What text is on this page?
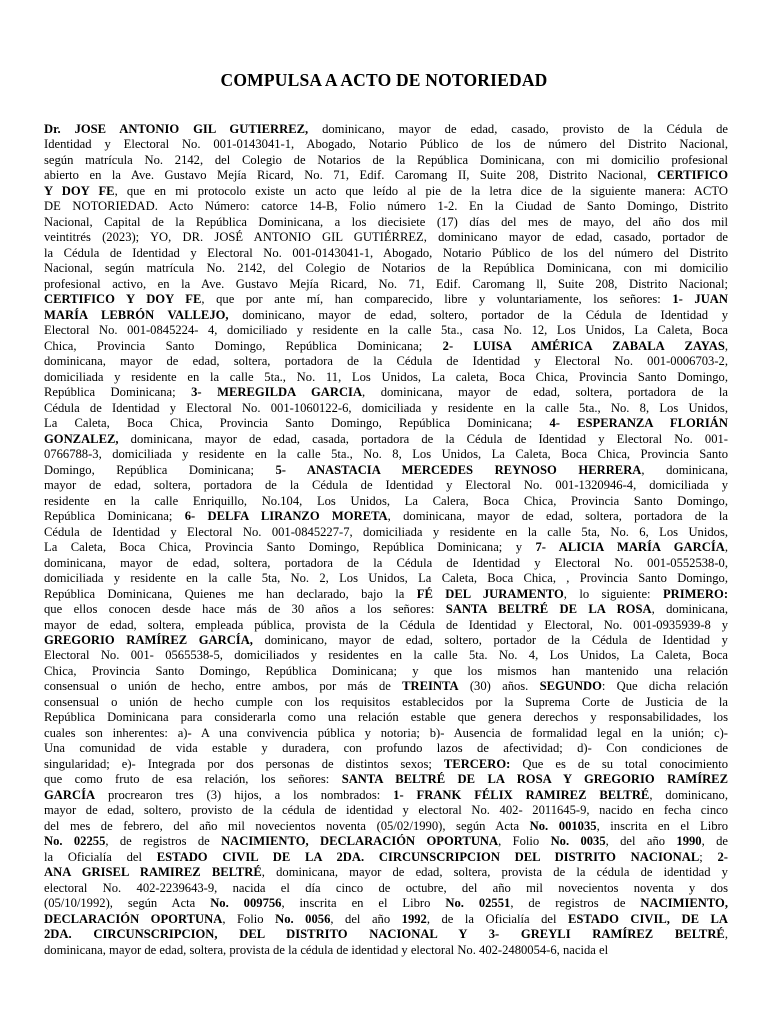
COMPULSA A ACTO DE NOTORIEDAD
Dr. JOSE ANTONIO GIL GUTIERREZ, dominicano, mayor de edad, casado, provisto de la Cédula de
Identidad y Electoral No. 001-0143041-1, Abogado, Notario Público de los de número del Distrito Nacional,
según matrícula No. 2142, del Colegio de Notarios de la República Dominicana, con mi domicilio profesional
abierto en la Ave. Gustavo Mejía Ricard, No. 71, Edif. Caromang II, Suite 208, Distrito Nacional, CERTIFICO
Y DOY FE, que en mi protocolo existe un acto que leído al pie de la letra dice de la siguiente manera: ACTO
DE NOTORIEDAD. Acto Número: catorce 14-B, Folio número 1-2. En la Ciudad de Santo Domingo, Distrito
Nacional, Capital de la República Dominicana, a los diecisiete (17) días del mes de mayo, del año dos mil
veintitrés (2023); YO, DR. JOSÉ ANTONIO GIL GUTIÉRREZ, dominicano mayor de edad, casado, portador de
la Cédula de Identidad y Electoral No. 001-0143041-1, Abogado, Notario Público de los del número del Distrito
Nacional, según matrícula No. 2142, del Colegio de Notarios de la República Dominicana, con mi domicilio
profesional activo, en la Ave. Gustavo Mejía Ricard, No. 71, Edif. Caromang ll, Suite 208, Distrito Nacional;
CERTIFICO Y DOY FE, que por ante mí, han comparecido, libre y voluntariamente, los señores: 1- JUAN
MARÍA LEBRÓN VALLEJO, dominicano, mayor de edad, soltero, portador de la Cédula de Identidad y
Electoral No. 001-0845224- 4, domiciliado y residente en la calle 5ta., casa No. 12, Los Unidos, La Caleta, Boca
Chica, Provincia Santo Domingo, República Dominicana; 2- LUISA AMÉRICA ZABALA ZAYAS,
dominicana, mayor de edad, soltera, portadora de la Cédula de Identidad y Electoral No. 001-0006703-2,
domiciliada y residente en la calle 5ta., No. 11, Los Unidos, La caleta, Boca Chica, Provincia Santo Domingo,
República Dominicana; 3- MEREGILDA GARCIA, dominicana, mayor de edad, soltera, portadora de la
Cédula de Identidad y Electoral No. 001-1060122-6, domiciliada y residente en la calle 5ta., No. 8, Los Unidos,
La Caleta, Boca Chica, Provincia Santo Domingo, República Dominicana; 4- ESPERANZA FLORIÁN
GONZALEZ, dominicana, mayor de edad, casada, portadora de la Cédula de Identidad y Electoral No. 001-
0766788-3, domiciliada y residente en la calle 5ta., No. 8, Los Unidos, La Caleta, Boca Chica, Provincia Santo
Domingo, República Dominicana; 5- ANASTACIA MERCEDES REYNOSO HERRERA, dominicana,
mayor de edad, soltera, portadora de la Cédula de Identidad y Electoral No. 001-1320946-4, domiciliada y
residente en la calle Enriquillo, No.104, Los Unidos, La Calera, Boca Chica, Provincia Santo Domingo,
República Dominicana; 6- DELFA LIRANZO MORETA, dominicana, mayor de edad, soltera, portadora de la
Cédula de Identidad y Electoral No. 001-0845227-7, domiciliada y residente en la calle 5ta, No. 6, Los Unidos,
La Caleta, Boca Chica, Provincia Santo Domingo, República Dominicana; y 7- ALICIA MARÍA GARCÍA,
dominicana, mayor de edad, soltera, portadora de la Cédula de Identidad y Electoral No. 001-0552538-0,
domiciliada y residente en la calle 5ta, No. 2, Los Unidos, La Caleta, Boca Chica, , Provincia Santo Domingo,
República Dominicana, Quienes me han declarado, bajo la FÉ DEL JURAMENTO, lo siguiente: PRIMERO:
que ellos conocen desde hace más de 30 años a los señores: SANTA BELTRÉ DE LA ROSA, dominicana,
mayor de edad, soltera, empleada pública, provista de la Cédula de Identidad y Electoral, No. 001-0935939-8 y
GREGORIO RAMÍREZ GARCÍA, dominicano, mayor de edad, soltero, portador de la Cédula de Identidad y
Electoral No. 001- 0565538-5, domiciliados y residentes en la calle 5ta. No. 4, Los Unidos, La Caleta, Boca
Chica, Provincia Santo Domingo, República Dominicana; y que los mismos han mantenido una relación
consensual o unión de hecho, entre ambos, por más de TREINTA (30) años. SEGUNDO: Que dicha relación
consensual o unión de hecho cumple con los requisitos establecidos por la Suprema Corte de Justicia de la
República Dominicana para considerarla como una relación estable que genera derechos y responsabilidades, los
cuales son inherentes: a)- A una convivencia pública y notoria; b)- Ausencia de formalidad legal en la unión; c)-
Una comunidad de vida estable y duradera, con profundo lazos de afectividad; d)- Con condiciones de
singularidad; e)- Integrada por dos personas de distintos sexos; TERCERO: Que es de su total conocimiento
que como fruto de esa relación, los señores: SANTA BELTRÉ DE LA ROSA Y GREGORIO RAMÍREZ
GARCÍA procrearon tres (3) hijos, a los nombrados: 1- FRANK FÉLIX RAMIREZ BELTRÉ, dominicano,
mayor de edad, soltero, provisto de la cédula de identidad y electoral No. 402- 2011645-9, nacido en fecha cinco
del mes de febrero, del año mil novecientos noventa (05/02/1990), según Acta No. 001035, inscrita en el Libro
No. 02255, de registros de NACIMIENTO, DECLARACIÓN OPORTUNA, Folio No. 0035, del año 1990, de
la Oficialía del ESTADO CIVIL DE LA 2DA. CIRCUNSCRIPCION DEL DISTRITO NACIONAL; 2-
ANA GRISEL RAMIREZ BELTRÉ, dominicana, mayor de edad, soltera, provista de la cédula de identidad y
electoral No. 402-2239643-9, nacida el día cinco de octubre, del año mil novecientos noventa y dos
(05/10/1992), según Acta No. 009756, inscrita en el Libro No. 02551, de registros de NACIMIENTO,
DECLARACIÓN OPORTUNA, Folio No. 0056, del año 1992, de la Oficialía del ESTADO CIVIL, DE LA
2DA. CIRCUNSCRIPCION, DEL DISTRITO NACIONAL Y 3- GREYLI RAMÍREZ BELTRÉ,
dominicana, mayor de edad, soltera, provista de la cédula de identidad y electoral No. 402-2480054-6, nacida el
